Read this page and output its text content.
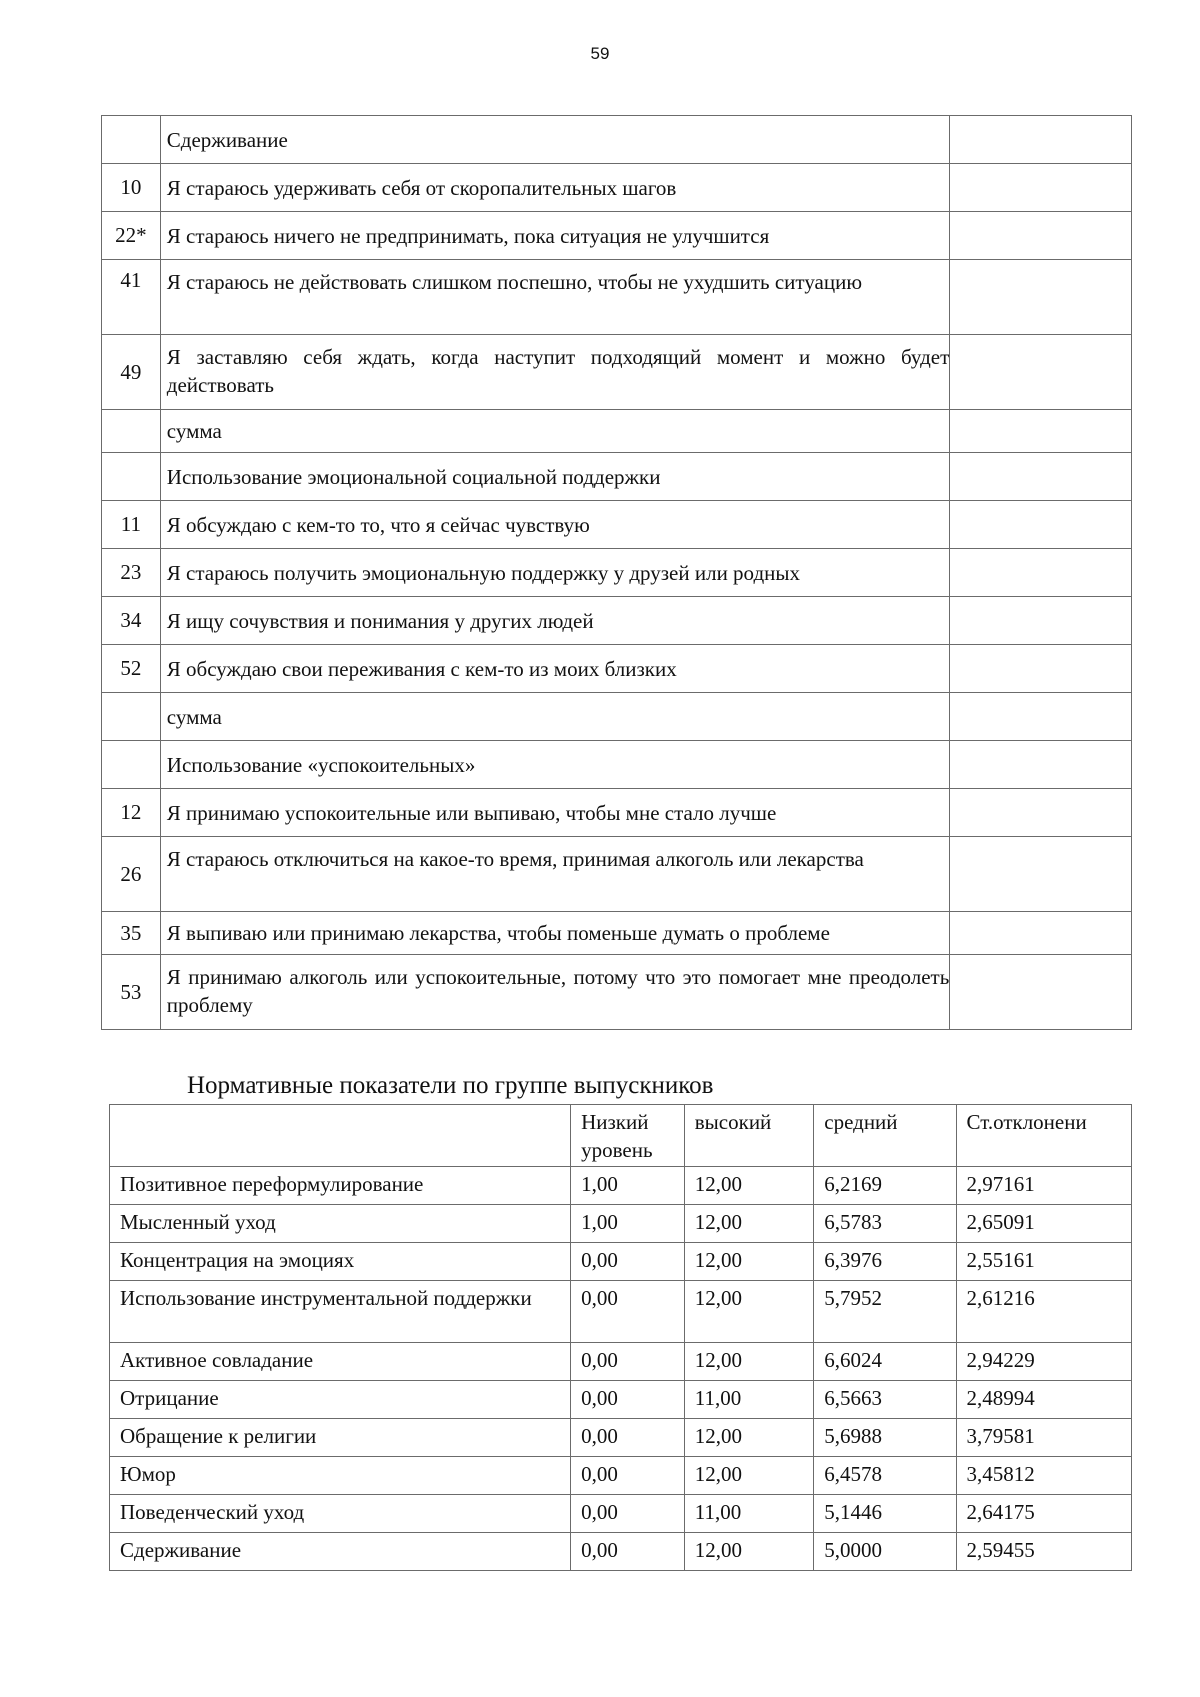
59
	Сдерживание	
10	Я стараюсь удерживать себя от скоропалительных шагов	
22*	Я стараюсь ничего не предпринимать, пока ситуация не улучшится	
41	Я стараюсь не действовать слишком поспешно, чтобы не ухудшить ситуацию	
49	Я заставляю себя ждать, когда наступит подходящий момент и можно будет действовать	
	сумма	
	Использование эмоциональной социальной поддержки	
11	Я обсуждаю с кем-то то, что я сейчас чувствую	
23	Я стараюсь получить эмоциональную поддержку у друзей или родных	
34	Я ищу сочувствия и понимания у других людей	
52	Я обсуждаю свои переживания с кем-то из моих близких	
	сумма	
	Использование «успокоительных»	
12	Я принимаю успокоительные или выпиваю, чтобы мне стало лучше	
26	Я стараюсь отключиться на какое-то время, принимая алкоголь или лекарства	
35	Я выпиваю или принимаю лекарства, чтобы поменьше думать о проблеме	
53	Я принимаю алкоголь или успокоительные, потому что это помогает мне преодолеть проблему	
Нормативные показатели по группе выпускников
	Низкий уровень	высокий	средний	Ст.отклонени
Позитивное переформулирование	1,00	12,00	6,2169	2,97161
Мысленный уход	1,00	12,00	6,5783	2,65091
Концентрация на эмоциях	0,00	12,00	6,3976	2,55161
Использование инструментальной поддержки	0,00	12,00	5,7952	2,61216
Активное совладание	0,00	12,00	6,6024	2,94229
Отрицание	0,00	11,00	6,5663	2,48994
Обращение к религии	0,00	12,00	5,6988	3,79581
Юмор	0,00	12,00	6,4578	3,45812
Поведенческий уход	0,00	11,00	5,1446	2,64175
Сдерживание	0,00	12,00	5,0000	2,59455
